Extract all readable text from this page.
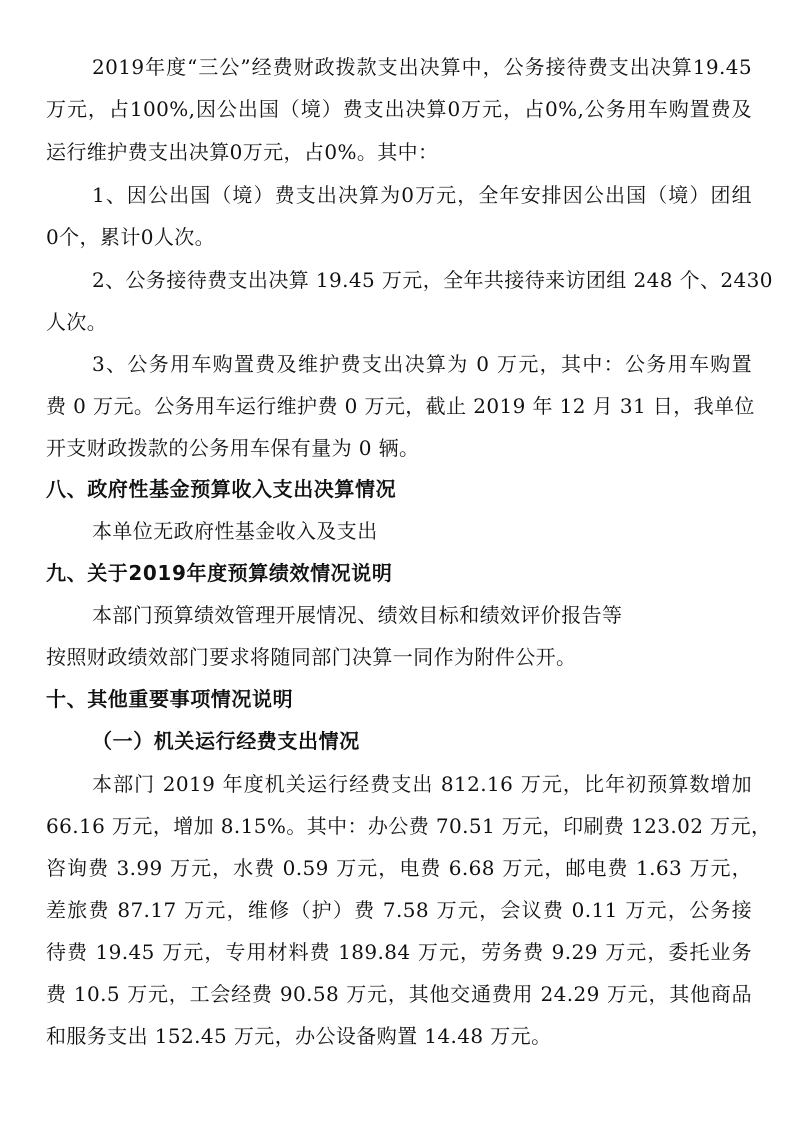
2019年度“三公”经费财政拨款支出决算中，公务接待费支出决算19.45
万元，占100%,因公出国（境）费支出决算0万元，占0%,公务用车购置费及
运行维护费支出决算0万元，占0%。其中：
1、因公出国（境）费支出决算为0万元，全年安排因公出国（境）团组
0个，累计0人次。
2、公务接待费支出决算 19.45 万元，全年共接待来访团组 248 个、2430
人次。
3、公务用车购置费及维护费支出决算为 0 万元，其中：公务用车购置
费 0 万元。公务用车运行维护费 0 万元，截止 2019 年 12 月 31 日，我单位
开支财政拨款的公务用车保有量为 0 辆。
八、政府性基金预算收入支出决算情况
本单位无政府性基金收入及支出
九、关于2019年度预算绩效情况说明
本部门预算绩效管理开展情况、绩效目标和绩效评价报告等
按照财政绩效部门要求将随同部门决算一同作为附件公开。
十、其他重要事项情况说明
（一）机关运行经费支出情况
本部门 2019 年度机关运行经费支出 812.16 万元，比年初预算数增加
66.16 万元，增加 8.15%。其中：办公费 70.51 万元，印刷费 123.02 万元，
咨询费 3.99 万元，水费 0.59 万元，电费 6.68 万元，邮电费 1.63 万元，
差旅费 87.17 万元，维修（护）费 7.58 万元，会议费 0.11 万元，公务接
待费 19.45 万元，专用材料费 189.84 万元，劳务费 9.29 万元，委托业务
费 10.5 万元，工会经费 90.58 万元，其他交通费用 24.29 万元，其他商品
和服务支出 152.45 万元，办公设备购置 14.48 万元。
